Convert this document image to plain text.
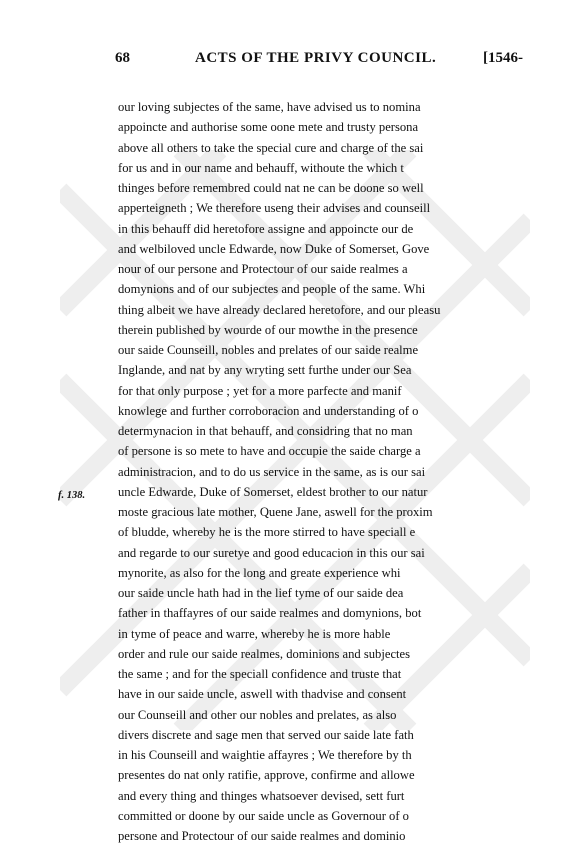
68	ACTS OF THE PRIVY COUNCIL.	[1546-
f. 138.
our loving subjectes of the same, have advised us to nomina
appoincte and authorise some oone mete and trusty persona
above all others to take the special cure and charge of the sai
for us and in our name and behauff, withoute the which t
thinges before remembred could nat ne can be doone so well
apperteigneth ; We therefore useng their advises and counseill
in this behauff did heretofore assigne and appoincte our de
and welbiloved uncle Edwarde, now Duke of Somerset, Gove
nour of our persone and Protectour of our saide realmes a
domynions and of our subjectes and people of the same. Whi
thing albeit we have already declared heretofore, and our pleasu
therein published by wourde of our mowthe in the presence
our saide Counseill, nobles and prelates of our saide realme
Inglande, and nat by any wryting sett furthe under our Sea
for that only purpose ; yet for a more parfecte and manif
knowlege and further corroboracion and understanding of o
determynacion in that behauff, and considring that no man
of persone is so mete to have and occupie the saide charge a
administracion, and to do us service in the same, as is our sai
uncle Edwarde, Duke of Somerset, eldest brother to our natur
moste gracious late mother, Quene Jane, aswell for the proxim
of bludde, whereby he is the more stirred to have speciall e
and regarde to our suretye and good educacion in this our sai
mynorite, as also for the long and greate experience whi
our saide uncle hath had in the lief tyme of our saide dea
father in thaffayres of our saide realmes and domynions, bot
in tyme of peace and warre, whereby he is more hable
order and rule our saide realmes, dominions and subjectes
the same ; and for the speciall confidence and truste that
have in our saide uncle, aswell with thadvise and consent
our Counseill and other our nobles and prelates, as also
divers discrete and sage men that served our saide late fath
in his Counseill and waightie affayres ; We therefore by th
presentes do nat only ratifie, approve, confirme and allowe
and every thing and thinges whatsoever devised, sett furt
committed or doone by our saide uncle as Governour of o
persone and Protectour of our saide realmes and dominio
